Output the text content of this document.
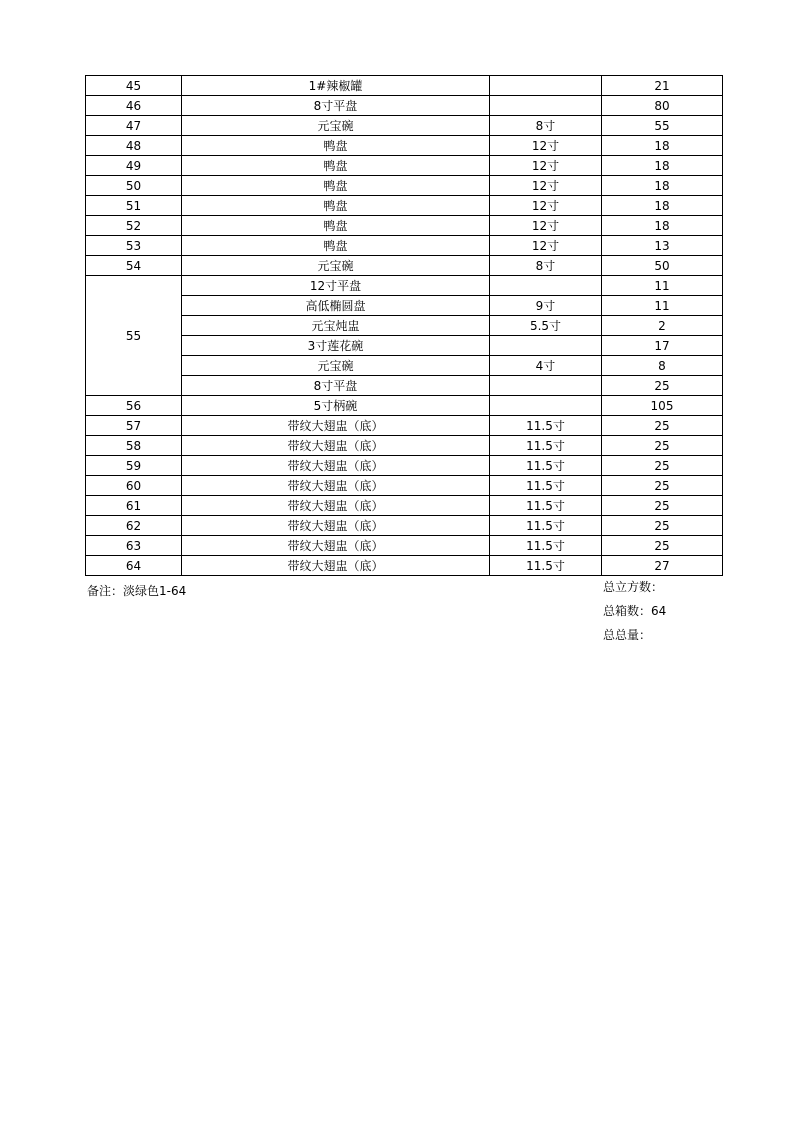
45	1#辣椒罐		21
46	8寸平盘		80
47	元宝碗	8寸	55
48	鸭盘	12寸	18
49	鸭盘	12寸	18
50	鸭盘	12寸	18
51	鸭盘	12寸	18
52	鸭盘	12寸	18
53	鸭盘	12寸	13
54	元宝碗	8寸	50
55	12寸平盘		11
	高低椭圆盘	9寸	11
	元宝炖盅	5.5寸	2
	3寸莲花碗		17
	元宝碗	4寸	8
	8寸平盘		25
56	5寸柄碗		105
57	带纹大翅盅（底）	11.5寸	25
58	带纹大翅盅（底）	11.5寸	25
59	带纹大翅盅（底）	11.5寸	25
60	带纹大翅盅（底）	11.5寸	25
61	带纹大翅盅（底）	11.5寸	25
62	带纹大翅盅（底）	11.5寸	25
63	带纹大翅盅（底）	11.5寸	25
64	带纹大翅盅（底）	11.5寸	27
备注：淡绿色1-64	总立方数：
总箱数：64
总总量：
